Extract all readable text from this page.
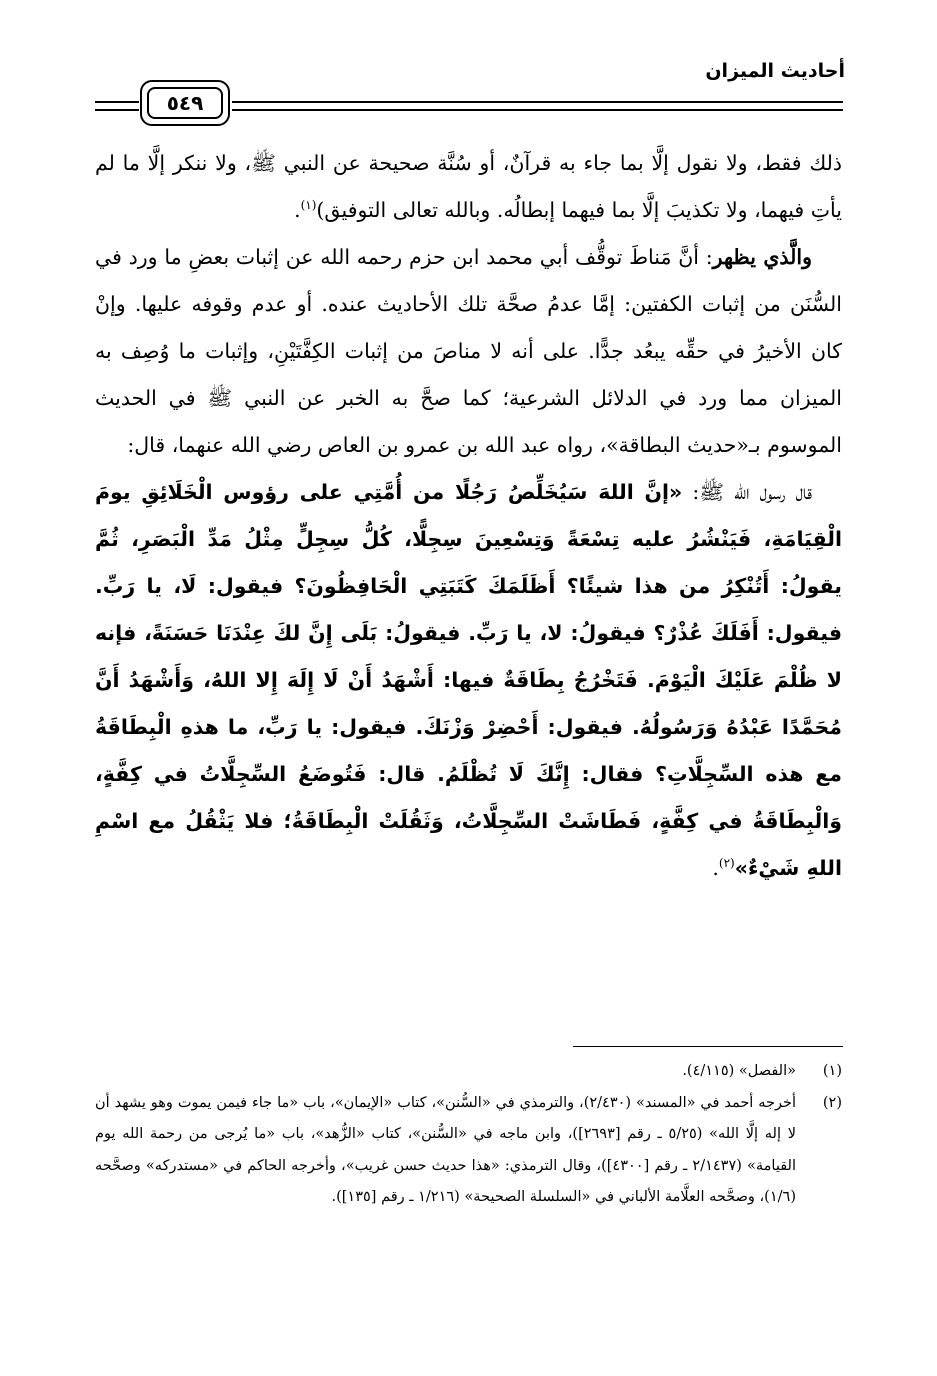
أحاديث الميزان
٥٤٩

ذلك فقط، ولا نقول إلَّا بما جاء به قرآنٌ، أو سُنَّة صحيحة عن النبي ﷺ، ولا ننكر إلَّا ما لم يأتِ فيهما، ولا تكذيبَ إلَّا بما فيهما إبطالُه. وبالله تعالى التوفيق)$^{(١)}$.

والَّذي يظهر: أنَّ مَناطَ توقُّف أبي محمد ابن حزم رحمه الله عن إثبات بعضِ ما ورد في السُّنَن من إثبات الكفتين: إمَّا عدمُ صحَّة تلك الأحاديث عنده. أو عدم وقوفه عليها. وإنْ كان الأخيرُ في حقِّه يبعُد جدًّا. على أنه لا مناصَ من إثبات الكِفَّتَيْنِ، وإثبات ما وُصِف به الميزان مما ورد في الدلائل الشرعية؛ كما صحَّ به الخبر عن النبي ﷺ في الحديث الموسوم بـ«حديث البطاقة»، رواه عبد الله بن عمرو بن العاص رضي الله عنهما، قال:

قال رسول الله ﷺ: «إنَّ اللهَ سَيُخَلِّصُ رَجُلًا من أُمَّتِي على رؤوس الْخَلَائِقِ يومَ الْقِيَامَةِ، فَيَنْشُرُ عليه تِسْعَةً وَتِسْعِينَ سِجِلًّا، كُلُّ سِجِلٍّ مِثْلُ مَدِّ الْبَصَرِ، ثُمَّ يقولُ: أَتُنْكِرُ من هذا شيئًا؟ أَظَلَمَكَ كَتَبَتِي الْحَافِظُونَ؟ فيقول: لَا، يا رَبِّ. فيقول: أَفَلَكَ عُذْرٌ؟ فيقولُ: لا، يا رَبِّ. فيقولُ: بَلَى إِنَّ لكَ عِنْدَنَا حَسَنَةً، فإنه لا ظُلْمَ عَلَيْكَ الْيَوْمَ. فَتَخْرُجُ بِطَاقَةٌ فيها: أَشْهَدُ أَنْ لَا إِلَهَ إِلا اللهُ، وَأَشْهَدُ أَنَّ مُحَمَّدًا عَبْدُهُ وَرَسُولُهُ. فيقول: أَحْضِرْ وَزْنَكَ. فيقول: يا رَبِّ، ما هذهِ الْبِطَاقَةُ مع هذه السِّجِلَّاتِ؟ فقال: إِنَّكَ لَا تُظْلَمُ. قال: فَتُوضَعُ السِّجِلَّاتُ في كِفَّةٍ، وَالْبِطَاقَةُ في كِفَّةٍ، فَطَاشَتْ السِّجِلَّاتُ، وَثَقُلَتْ الْبِطَاقَةُ؛ فلا يَثْقُلُ مع اسْمِ اللهِ شَيْءٌ»$^{(٢)}$.

(١)
«الفصل» (٤/١١٥).
(٢)
أخرجه أحمد في «المسند» (٢/٤٣٠)، والترمذي في «السُّنن»، كتاب «الإيمان»، باب «ما جاء فيمن يموت وهو يشهد أن لا إله إلَّا الله» (٥/٢٥ ـ رقم [٢٦٩٣])، وابن ماجه في «السُّنن»، كتاب «الزُّهد»، باب «ما يُرجى من رحمة الله يوم القيامة» (٢/١٤٣٧ ـ رقم [٤٣٠٠])، وقال الترمذي: «هذا حديث حسن غريب»، وأخرجه الحاكم في «مستدركه» وصحَّحه (١/٦)، وصحَّحه العلَّامة الألباني في «السلسلة الصحيحة» (١/٢١٦ ـ رقم [١٣٥]).
